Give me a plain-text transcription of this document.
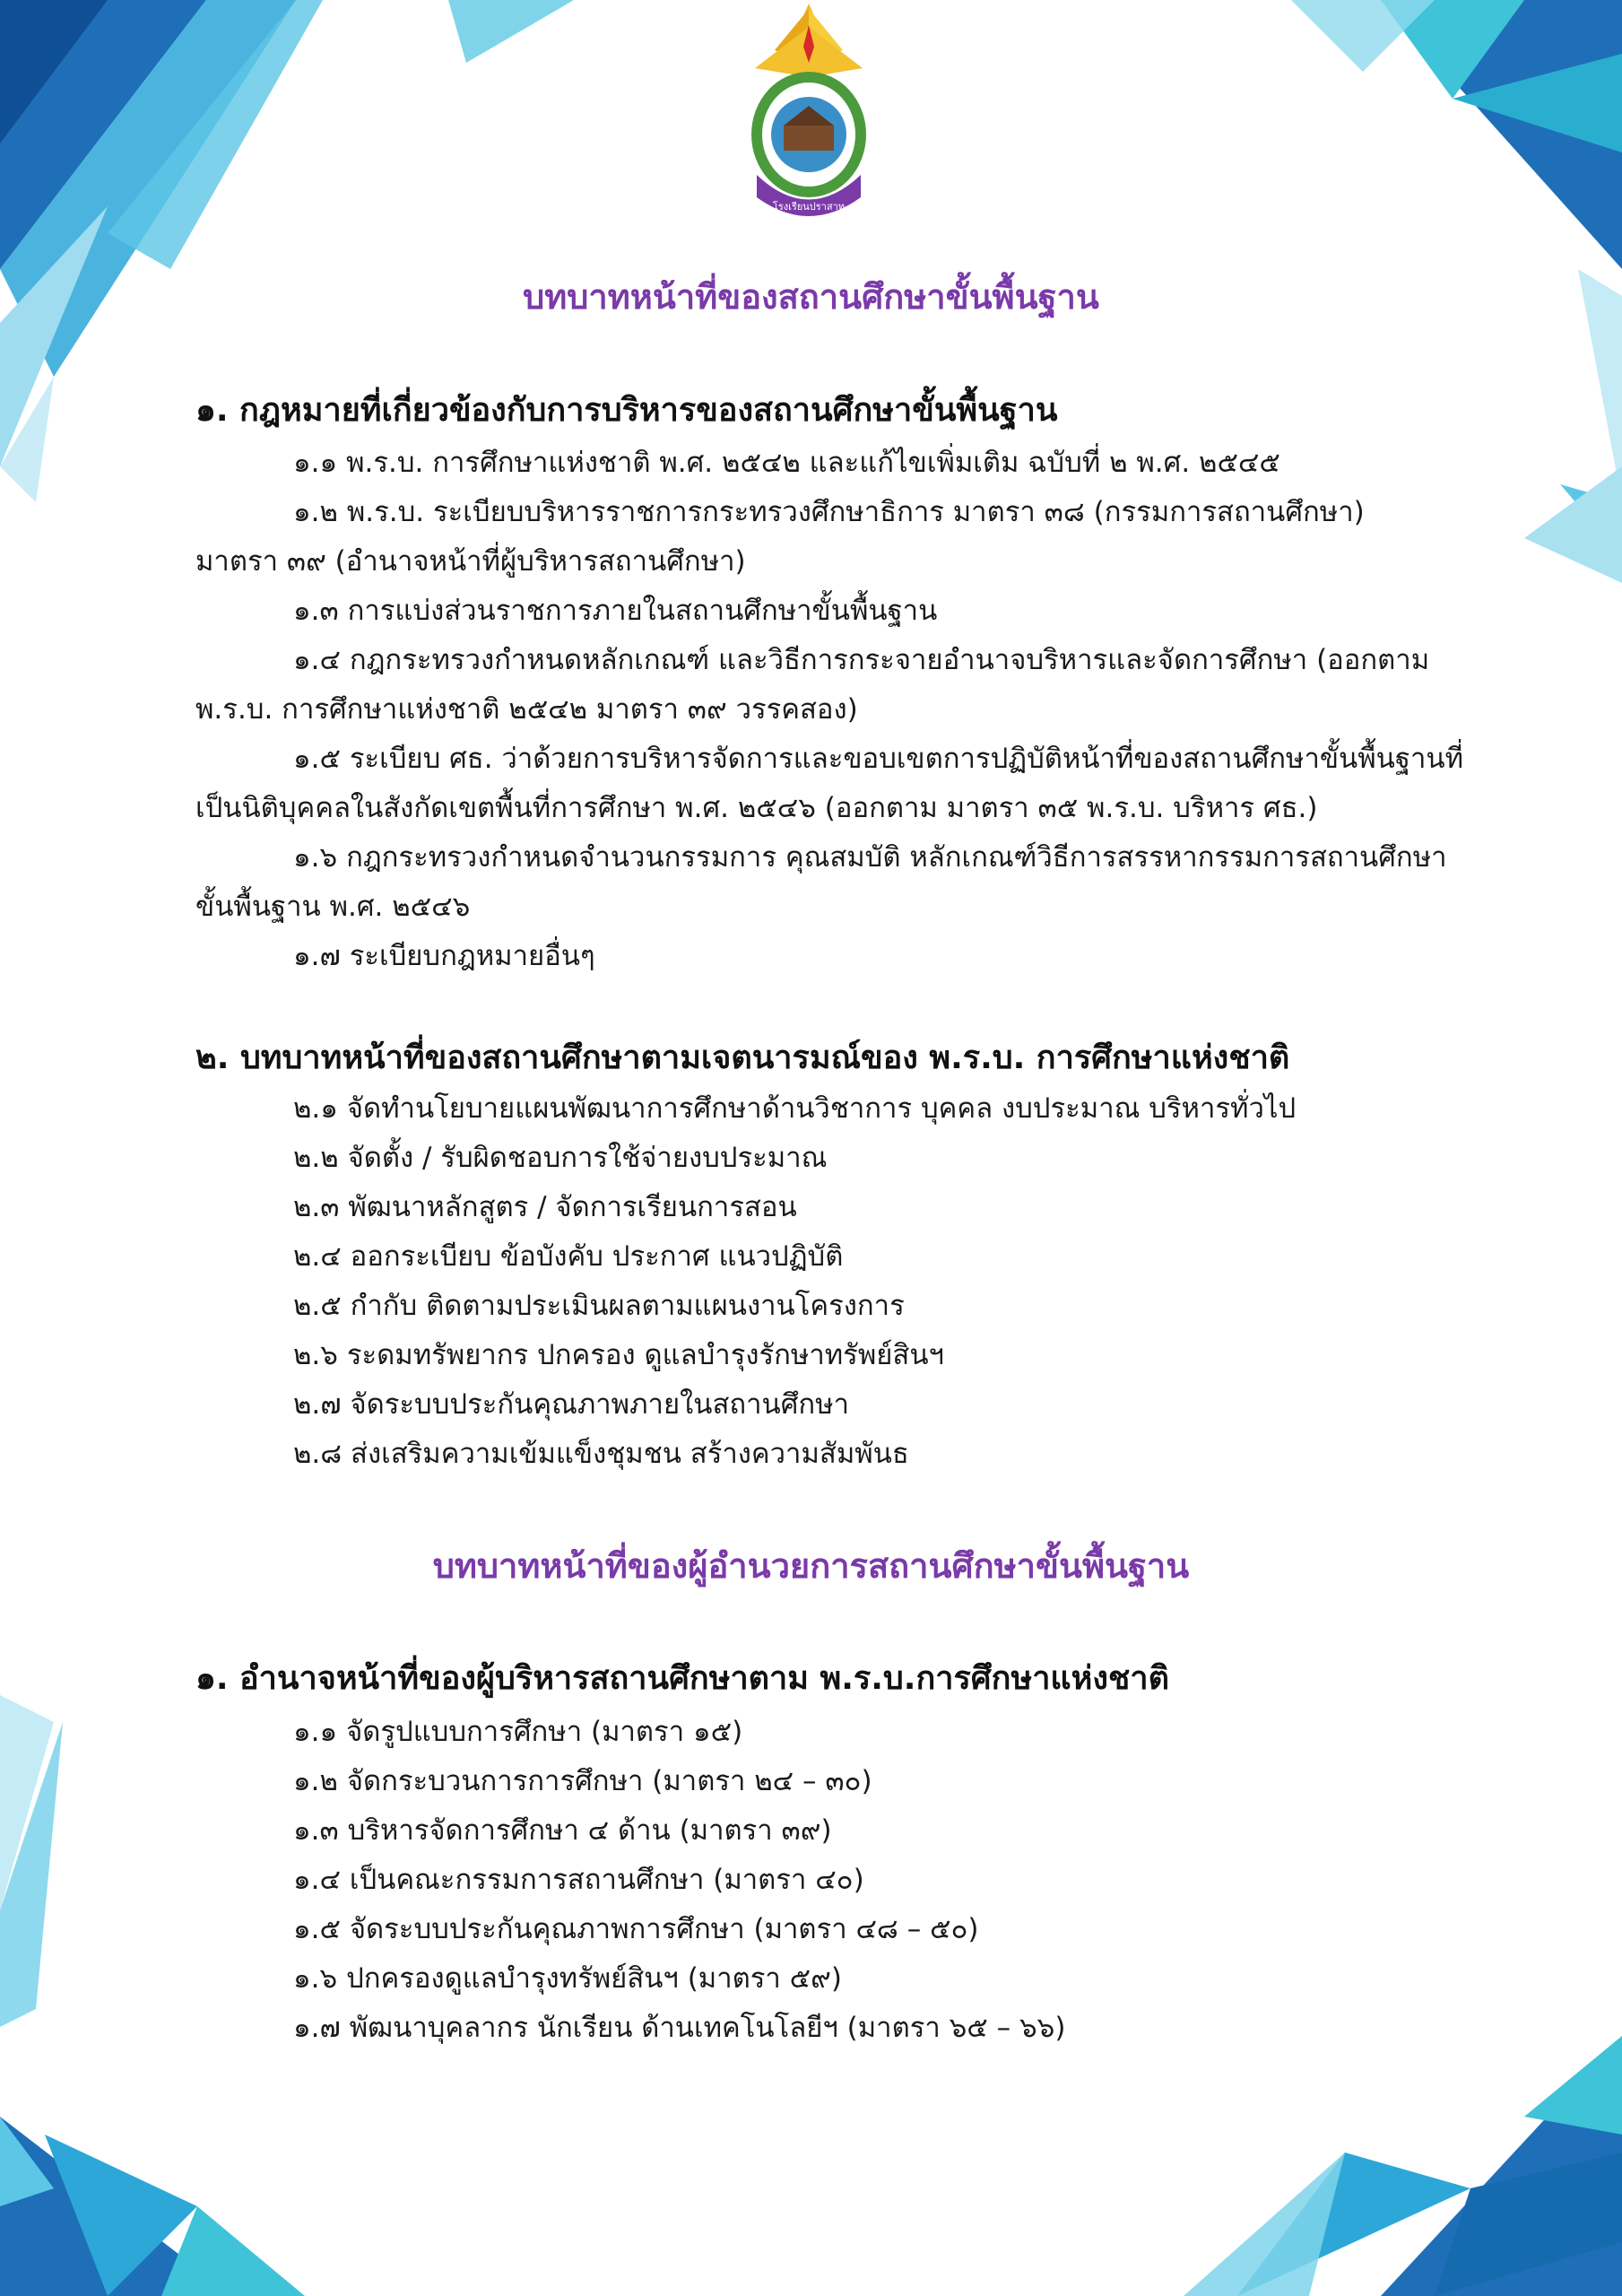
โรงเรียนปราสาท
บทบาทหน้าที่ของสถานศึกษาขั้นพื้นฐาน
๑. กฎหมายที่เกี่ยวข้องกับการบริหารของสถานศึกษาขั้นพื้นฐาน
๑.๑ พ.ร.บ. การศึกษาแห่งชาติ พ.ศ. ๒๕๔๒ และแก้ไขเพิ่มเติม ฉบับที่ ๒ พ.ศ. ๒๕๔๕
๑.๒ พ.ร.บ. ระเบียบบริหารราชการกระทรวงศึกษาธิการ มาตรา ๓๘ (กรรมการสถานศึกษา)
มาตรา ๓๙ (อำนาจหน้าที่ผู้บริหารสถานศึกษา)
๑.๓ การแบ่งส่วนราชการภายในสถานศึกษาขั้นพื้นฐาน
๑.๔ กฎกระทรวงกำหนดหลักเกณฑ์ และวิธีการกระจายอำนาจบริหารและจัดการศึกษา (ออกตาม
พ.ร.บ. การศึกษาแห่งชาติ ๒๕๔๒ มาตรา ๓๙ วรรคสอง)
๑.๕ ระเบียบ ศธ. ว่าด้วยการบริหารจัดการและขอบเขตการปฏิบัติหน้าที่ของสถานศึกษาขั้นพื้นฐานที่
เป็นนิติบุคคลในสังกัดเขตพื้นที่การศึกษา พ.ศ. ๒๕๔๖ (ออกตาม มาตรา ๓๕ พ.ร.บ. บริหาร ศธ.)
๑.๖ กฎกระทรวงกำหนดจำนวนกรรมการ คุณสมบัติ หลักเกณฑ์วิธีการสรรหากรรมการสถานศึกษา
ขั้นพื้นฐาน พ.ศ. ๒๕๔๖
๑.๗ ระเบียบกฎหมายอื่นๆ
๒. บทบาทหน้าที่ของสถานศึกษาตามเจตนารมณ์ของ พ.ร.บ. การศึกษาแห่งชาติ
๒.๑ จัดทำนโยบายแผนพัฒนาการศึกษาด้านวิชาการ บุคคล งบประมาณ บริหารทั่วไป
๒.๒ จัดตั้ง / รับผิดชอบการใช้จ่ายงบประมาณ
๒.๓ พัฒนาหลักสูตร / จัดการเรียนการสอน
๒.๔ ออกระเบียบ ข้อบังคับ ประกาศ แนวปฏิบัติ
๒.๕ กำกับ ติดตามประเมินผลตามแผนงานโครงการ
๒.๖ ระดมทรัพยากร ปกครอง ดูแลบำรุงรักษาทรัพย์สินฯ
๒.๗ จัดระบบประกันคุณภาพภายในสถานศึกษา
๒.๘ ส่งเสริมความเข้มแข็งชุมชน สร้างความสัมพันธ
บทบาทหน้าที่ของผู้อำนวยการสถานศึกษาขั้นพื้นฐาน
๑. อำนาจหน้าที่ของผู้บริหารสถานศึกษาตาม พ.ร.บ.การศึกษาแห่งชาติ
๑.๑ จัดรูปแบบการศึกษา (มาตรา ๑๕)
๑.๒ จัดกระบวนการการศึกษา (มาตรา ๒๔ – ๓๐)
๑.๓ บริหารจัดการศึกษา ๔ ด้าน (มาตรา ๓๙)
๑.๔ เป็นคณะกรรมการสถานศึกษา (มาตรา ๔๐)
๑.๕ จัดระบบประกันคุณภาพการศึกษา (มาตรา ๔๘ – ๕๐)
๑.๖ ปกครองดูแลบำรุงทรัพย์สินฯ (มาตรา ๕๙)
๑.๗ พัฒนาบุคลากร นักเรียน ด้านเทคโนโลยีฯ (มาตรา ๖๕ – ๖๖)
